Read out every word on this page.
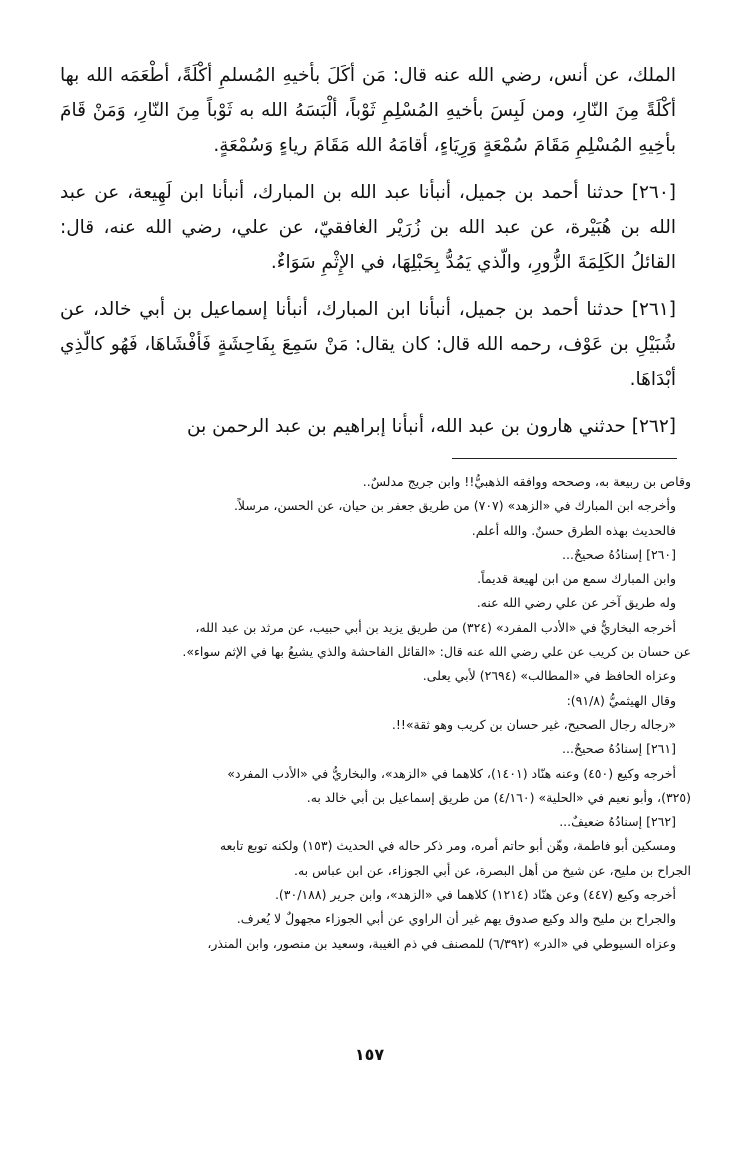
الملك، عن أنس، رضي الله عنه قال: مَن أكَلَ بأخيهِ المُسلمِ أكْلَةً، أطْعَمَه الله بها أكْلَةً مِنَ النّارِ، ومن لَبِسَ بأخيهِ المُسْلِمِ ثَوْباً، ألْبَسَهُ الله به ثَوْباً مِنَ النّارِ، وَمَنْ قَامَ بأخِيهِ المُسْلِمِ مَقَامَ سُمْعَةٍ وَرِيَاءٍ، أقامَهُ الله مَقَامَ رياءٍ وَسُمْعَةٍ.

[٢٦٠] حدثنا أحمد بن جميل، أنبأنا عبد الله بن المبارك، أنبأنا ابن لَهِيعة، عن عبد الله بن هُبَيْرة، عن عبد الله بن زُرَيْر الغافقيّ، عن علي، رضي الله عنه، قال: القائلُ الكَلِمَةَ الزُّورِ، والّذي يَمُدُّ بِحَبْلِهَا، في الإِثْمِ سَوَاءٌ.

[٢٦١] حدثنا أحمد بن جميل، أنبأنا ابن المبارك، أنبأنا إسماعيل بن أبي خالد، عن شُبَيْلِ بن عَوْف، رحمه الله قال: كان يقال: مَنْ سَمِعَ بِفَاحِشَةٍ فَأفْشَاهَا، فَهُو كالّذِي أبْدَاهَا.

[٢٦٢] حدثني هارون بن عبد الله، أنبأنا إبراهيم بن عبد الرحمن بن

وقاص بن ربيعة به، وصححه ووافقه الذهبيُّ!! وابن جريج مدلسٌ..

وأخرجه ابن المبارك في «الزهد» (٧٠٧) من طريق جعفر بن حيان، عن الحسن، مرسلاً.

فالحديث بهذه الطرق حسنٌ. والله أعلم.

[٢٦٠] إسنادُهُ صحيحٌ...

وابن المبارك سمع من ابن لهيعة قديماً.

وله طريق آخر عن علي رضي الله عنه.

أخرجه البخاريُّ في «الأدب المفرد» (٣٢٤) من طريق يزيد بن أبي حبيب، عن مرثد بن عبد الله،

عن حسان بن كريب عن علي رضي الله عنه قال: «القائل الفاحشة والذي يشيعُ بها في الإثم سواء».

وعزاه الحافظ في «المطالب» (٢٦٩٤) لأبي يعلى.

وقال الهيثميُّ (٩١/٨):

«رجاله رجال الصحيح، غير حسان بن كريب وهو ثقة»!!.

[٢٦١] إسنادُهُ صحيحٌ...

أخرجه وكيع (٤٥٠) وعنه هنّاد (١٤٠١)، كلاهما في «الزهد»، والبخاريُّ في «الأدب المفرد»

(٣٢٥)، وأبو نعيم في «الحلية» (٤/١٦٠) من طريق إسماعيل بن أبي خالد به.

[٢٦٢] إسنادُهُ ضعيفٌ...

ومسكين أبو فاطمة، وهّن أبو حاتم أمره، ومر ذكر حاله في الحديث (١٥٣) ولكنه توبع تابعه

الجراح بن مليح، عن شيخ من أهل البصرة، عن أبي الجوزاء، عن ابن عباس به.

أخرجه وكيع (٤٤٧) وعن هنّاد (١٢١٤) كلاهما في «الزهد»، وابن جرير (٣٠/١٨٨).

والجراح بن مليح والد وكيع صدوق يهم غير أن الراوي عن أبي الجوزاء مجهولٌ لا يُعرف.

وعزاه السيوطي في «الدر» (٦/٣٩٢) للمصنف في ذم الغيبة، وسعيد بن منصور، وابن المنذر،

١٥٧
